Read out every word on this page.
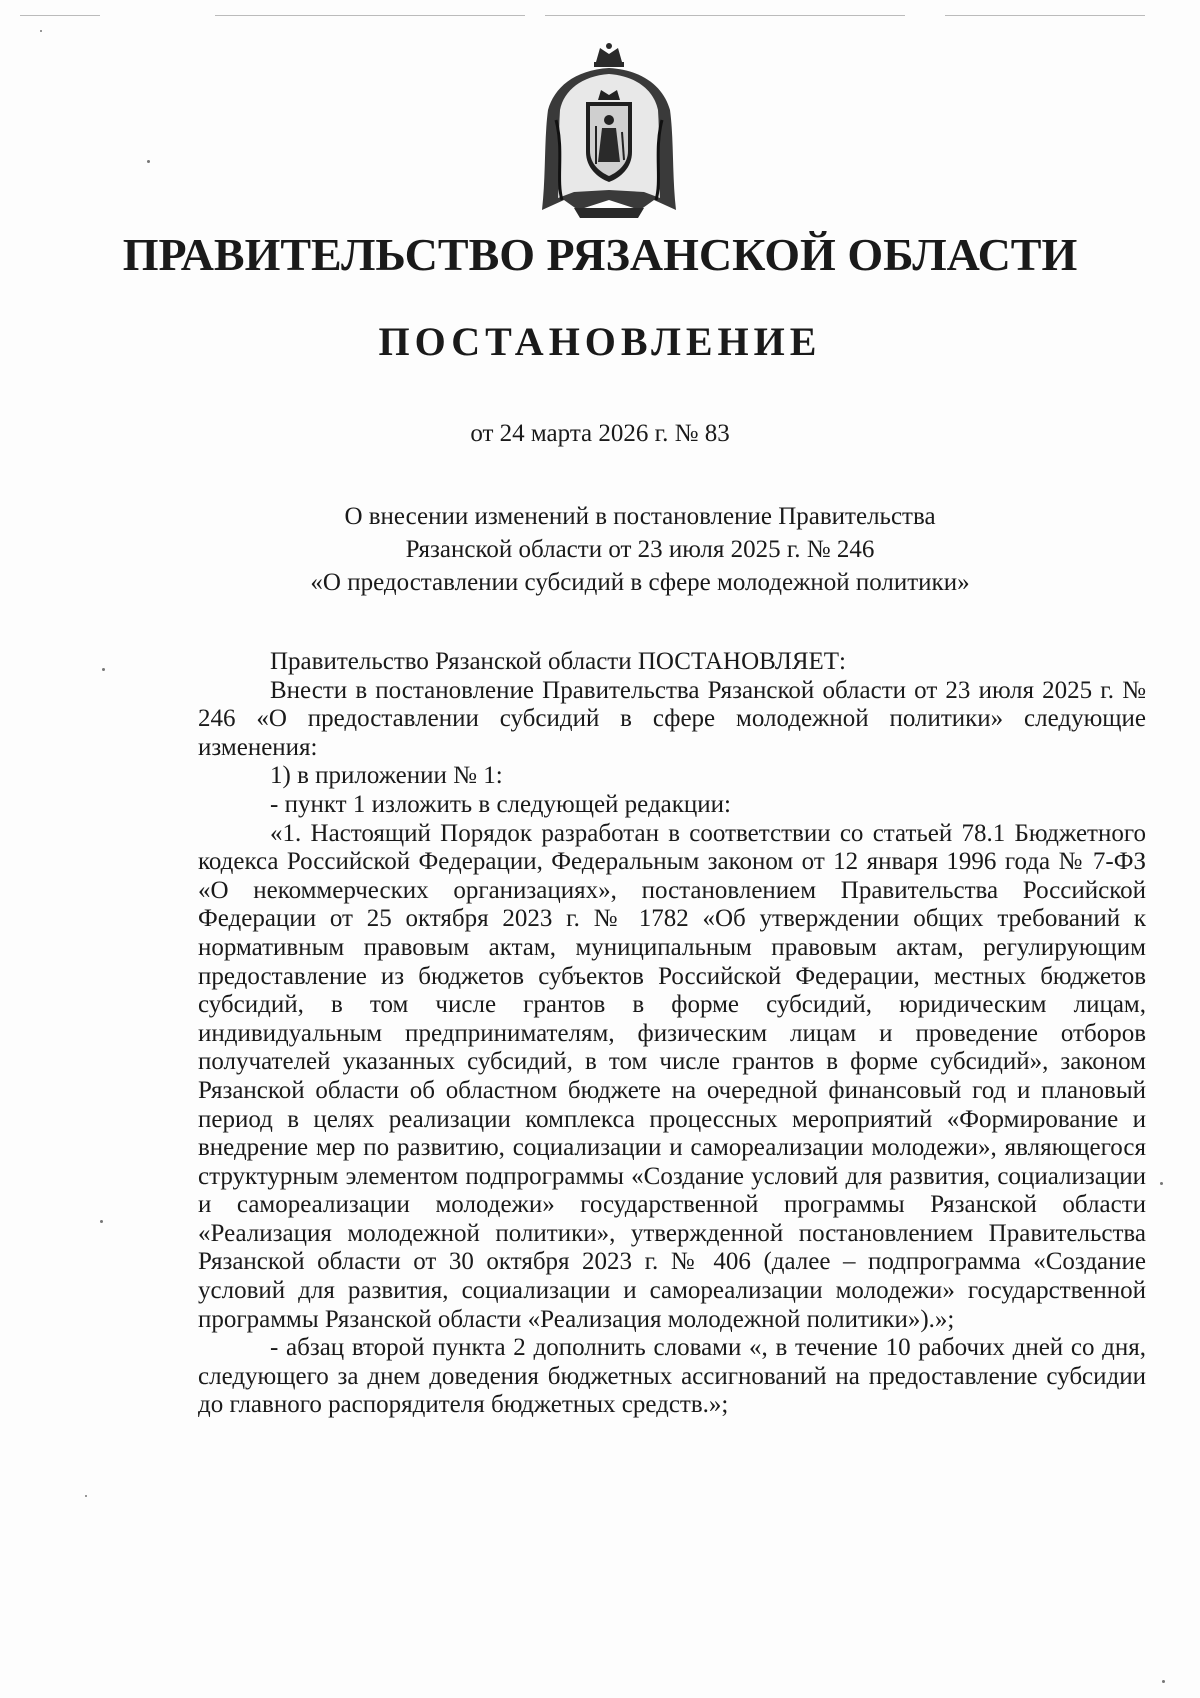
ПРАВИТЕЛЬСТВО РЯЗАНСКОЙ ОБЛАСТИ
ПОСТАНОВЛЕНИЕ
от 24 марта 2026 г. № 83
О внесении изменений в постановление Правительства
Рязанской области от 23 июля 2025 г. № 246
«О предоставлении субсидий в сфере молодежной политики»

Правительство Рязанской области ПОСТАНОВЛЯЕТ:

Внести в постановление Правительства Рязанской области от 23 июля 2025 г. № 246 «О предоставлении субсидий в сфере молодежной политики» следующие изменения:

1) в приложении № 1:

- пункт 1 изложить в следующей редакции:

«1. Настоящий Порядок разработан в соответствии со статьей 78.1 Бюджетного кодекса Российской Федерации, Федеральным законом от 12 января 1996 года № 7-ФЗ «О некоммерческих организациях», постановлением Правительства Российской Федерации от 25 октября 2023 г. № 1782 «Об утверждении общих требований к нормативным правовым актам, муниципальным правовым актам, регулирующим предоставление из бюджетов субъектов Российской Федерации, местных бюджетов субсидий, в том числе грантов в форме субсидий, юридическим лицам, индивидуальным предпринимателям, физическим лицам и проведение отборов получателей указанных субсидий, в том числе грантов в форме субсидий», законом Рязанской области об областном бюджете на очередной финансовый год и плановый период в целях реализации комплекса процессных мероприятий «Формирование и внедрение мер по развитию, социализации и самореализации молодежи», являющегося структурным элементом подпрограммы «Создание условий для развития, социализации и самореализации молодежи» государственной программы Рязанской области «Реализация молодежной политики», утвержденной постановлением Правительства Рязанской области от 30 октября 2023 г. № 406 (далее – подпрограмма «Создание условий для развития, социализации и самореализации молодежи» государственной программы Рязанской области «Реализация молодежной политики»).»;

- абзац второй пункта 2 дополнить словами «, в течение 10 рабочих дней со дня, следующего за днем доведения бюджетных ассигнований на предоставление субсидии до главного распорядителя бюджетных средств.»;
